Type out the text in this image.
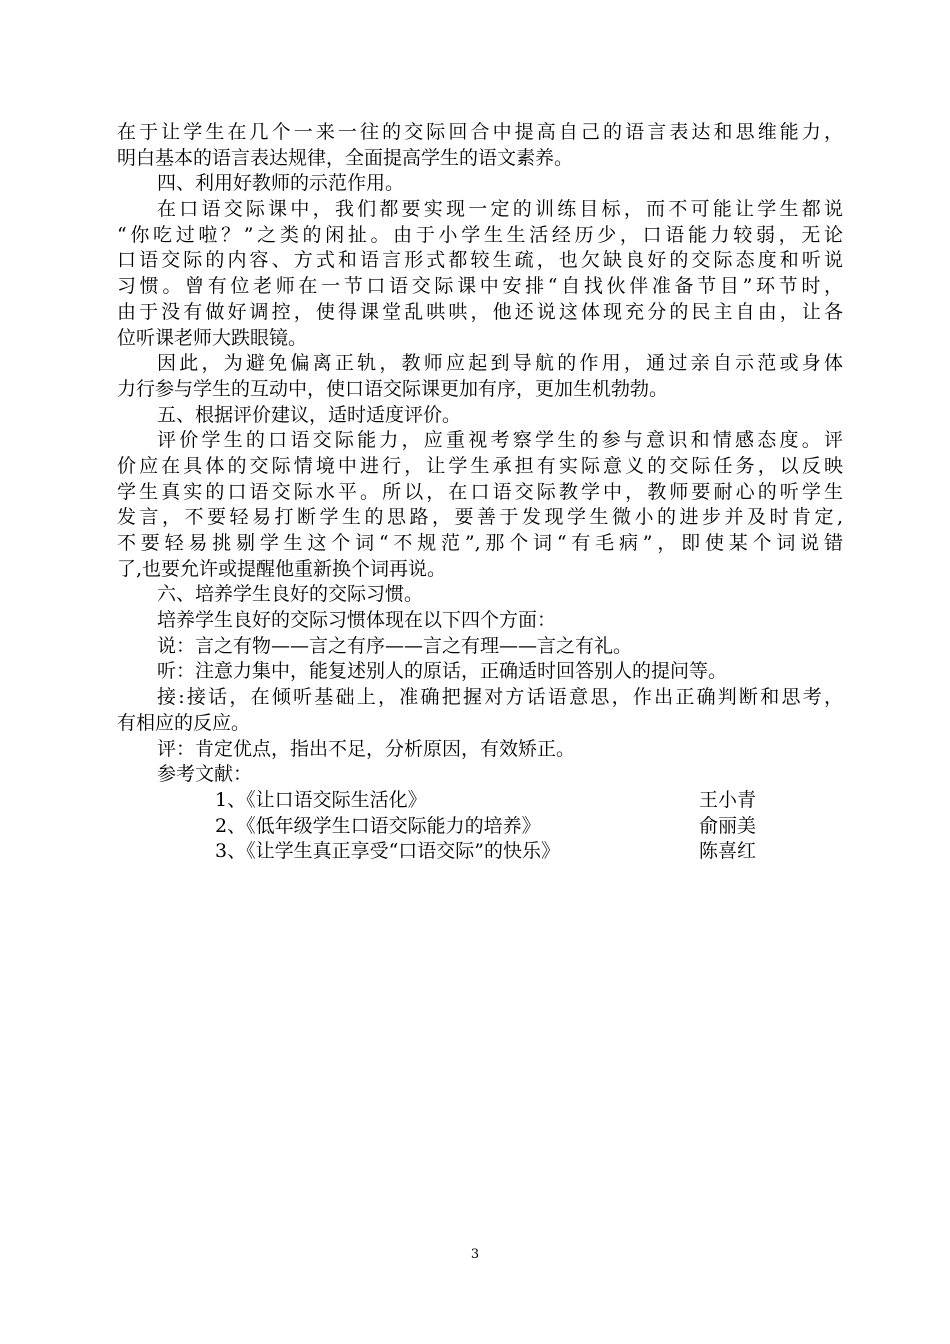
在于让学生在几个一来一往的交际回合中提高自己的语言表达和思维能力，
明白基本的语言表达规律，全面提高学生的语文素养。
四、利用好教师的示范作用。
在口语交际课中，我们都要实现一定的训练目标，而不可能让学生都说
“你吃过啦？”之类的闲扯。由于小学生生活经历少，口语能力较弱，无论
口语交际的内容、方式和语言形式都较生疏，也欠缺良好的交际态度和听说
习惯。曾有位老师在一节口语交际课中安排“自找伙伴准备节目”环节时，
由于没有做好调控，使得课堂乱哄哄，他还说这体现充分的民主自由，让各
位听课老师大跌眼镜。
因此，为避免偏离正轨，教师应起到导航的作用，通过亲自示范或身体
力行参与学生的互动中，使口语交际课更加有序，更加生机勃勃。
五、根据评价建议，适时适度评价。
评价学生的口语交际能力，应重视考察学生的参与意识和情感态度。评
价应在具体的交际情境中进行，让学生承担有实际意义的交际任务，以反映
学生真实的口语交际水平。所以，在口语交际教学中，教师要耐心的听学生
发言，不要轻易打断学生的思路，要善于发现学生微小的进步并及时肯定,
不要轻易挑剔学生这个词“不规范”,那个词“有毛病”，即使某个词说错
了,也要允许或提醒他重新换个词再说。
六、培养学生良好的交际习惯。
培养学生良好的交际习惯体现在以下四个方面：
说：言之有物——言之有序——言之有理——言之有礼。
听：注意力集中，能复述别人的原话，正确适时回答别人的提问等。
接:接话，在倾听基础上，准确把握对方话语意思，作出正确判断和思考，
有相应的反应。
评：肯定优点，指出不足，分析原因，有效矫正。
参考文献：
1、《让口语交际生活化》	王小青
2、《低年级学生口语交际能力的培养》	俞丽美
3、《让学生真正享受“口语交际”的快乐》	陈喜红
3
